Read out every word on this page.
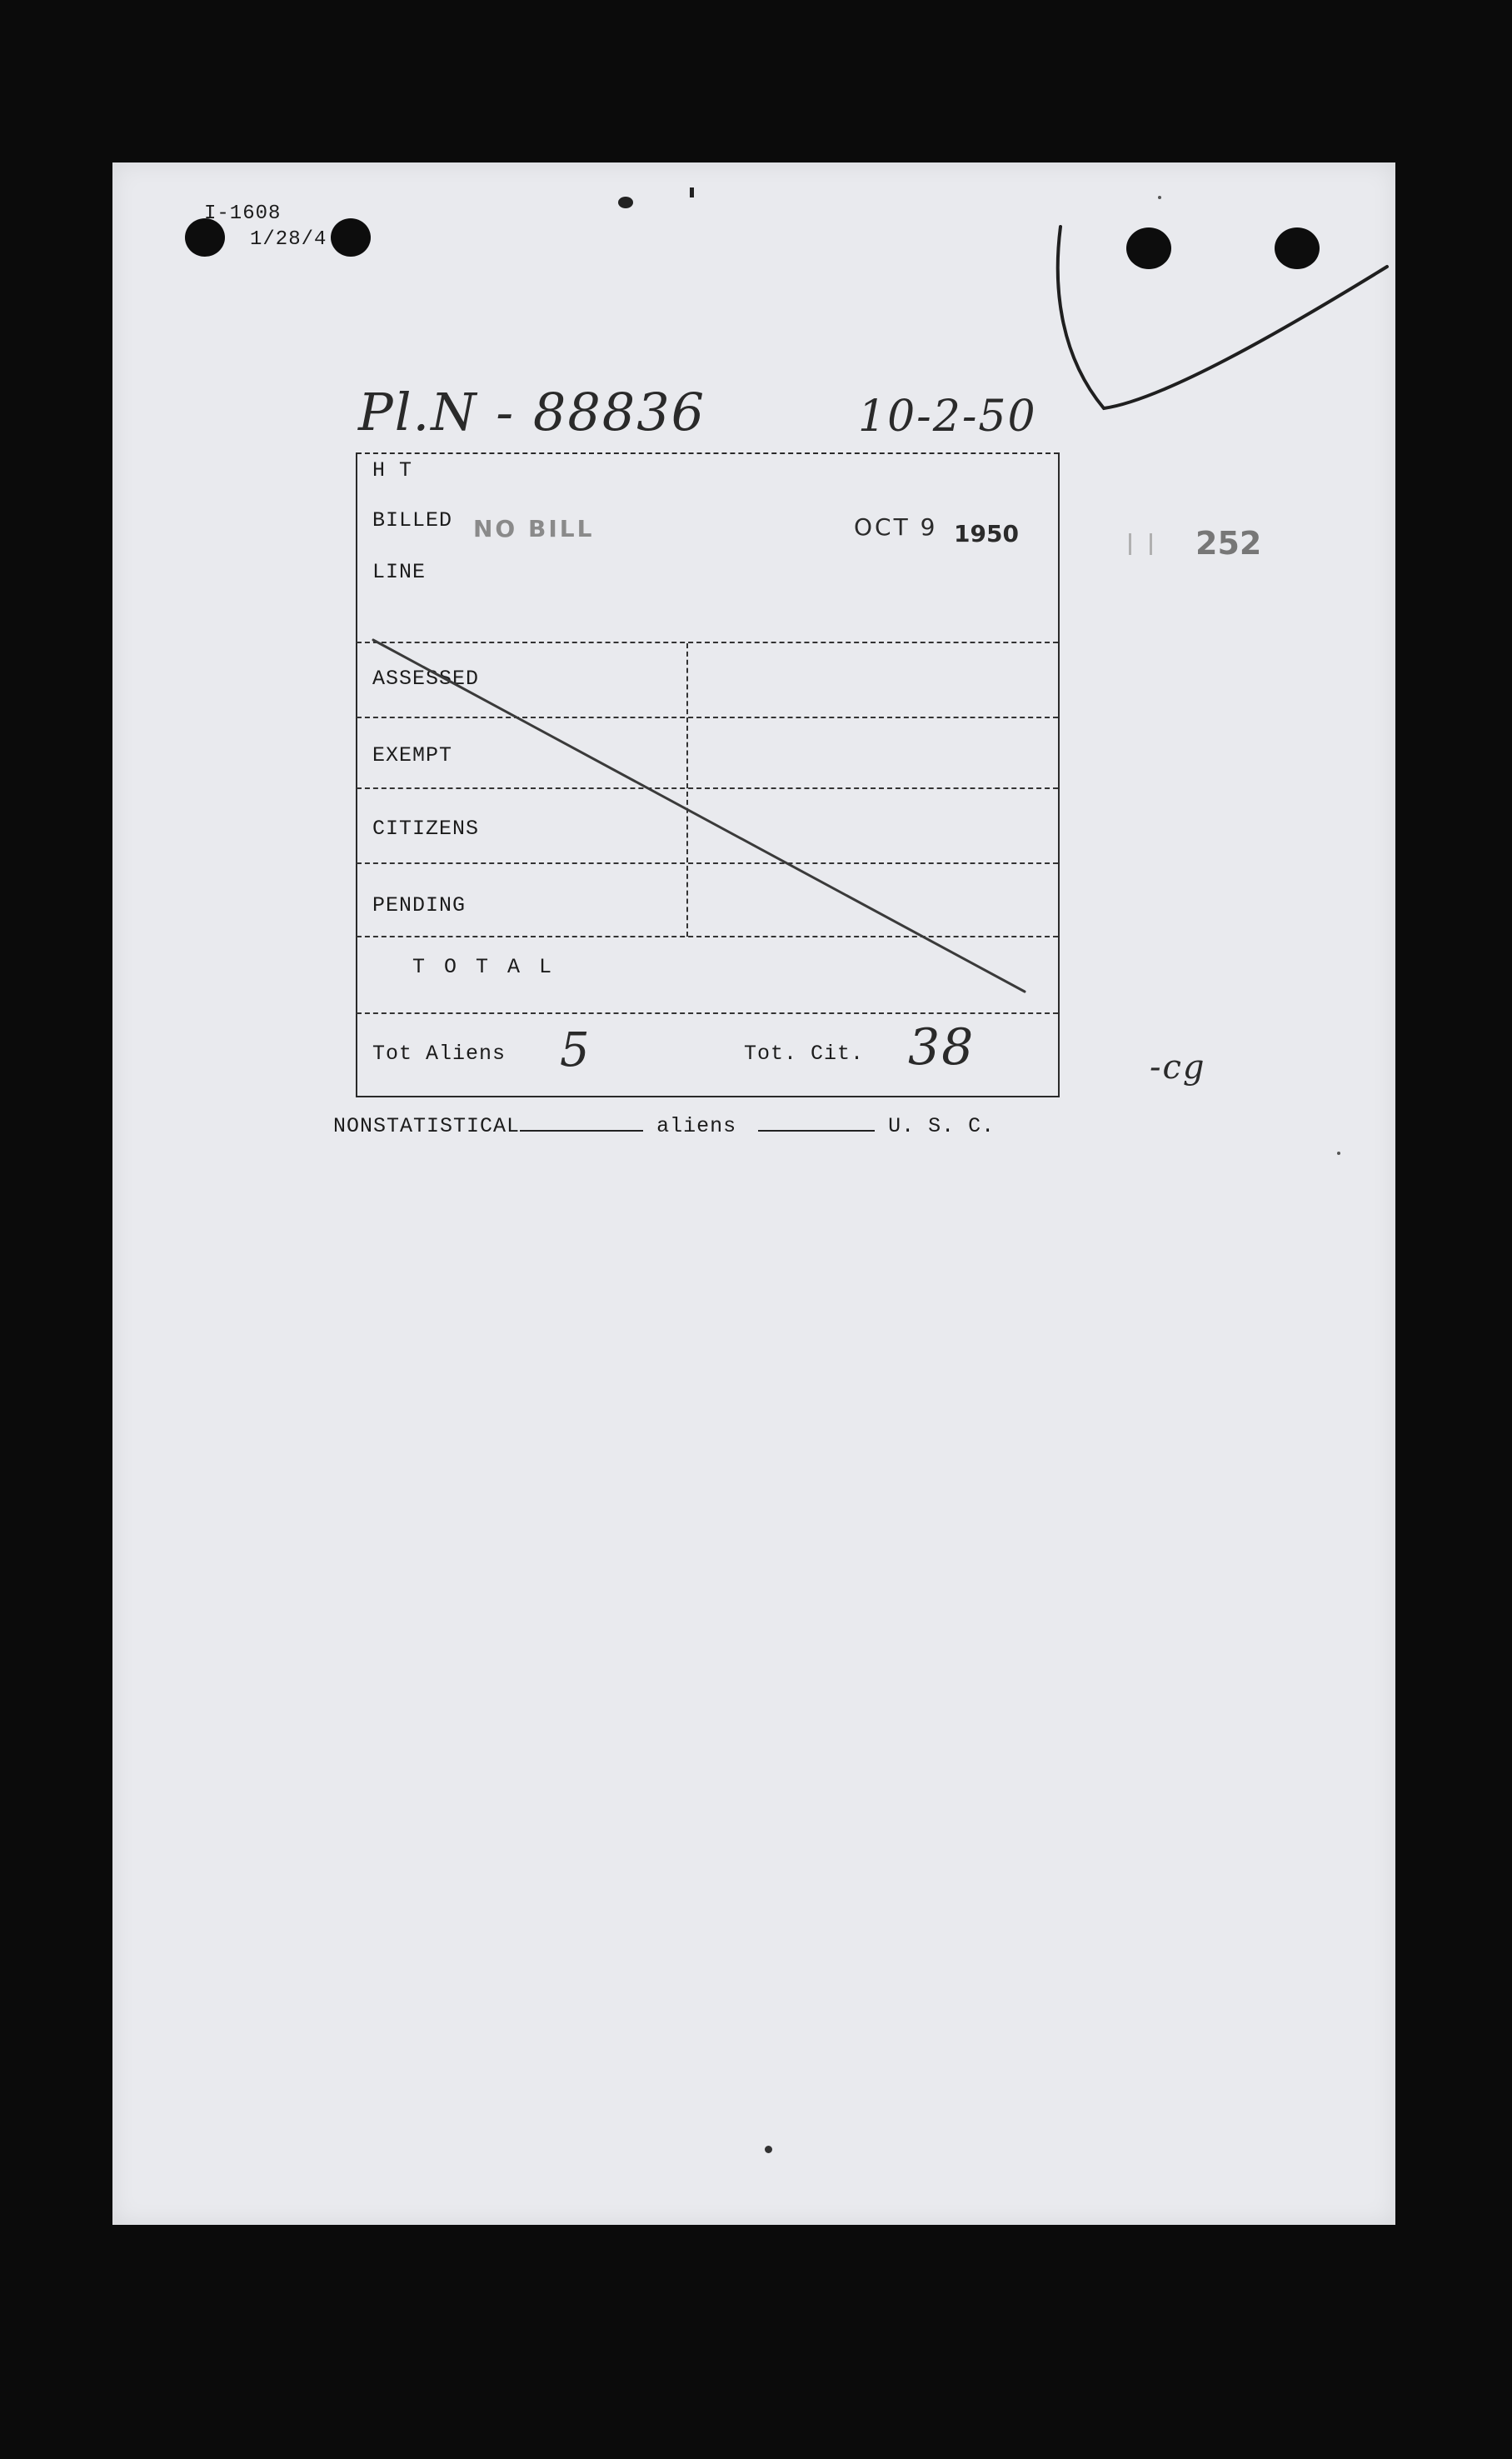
I-1608
1/28/4
Pl.N - 88836	10-2-50
H T
BILLED NO BILL
LINE
OCT 9 1950	252
ASSESSED
EXEMPT
CITIZENS
PENDING
T O T A L
Tot Aliens 5	Tot. Cit. 38	-cg
NONSTATISTICAL	aliens	U. S. C.
